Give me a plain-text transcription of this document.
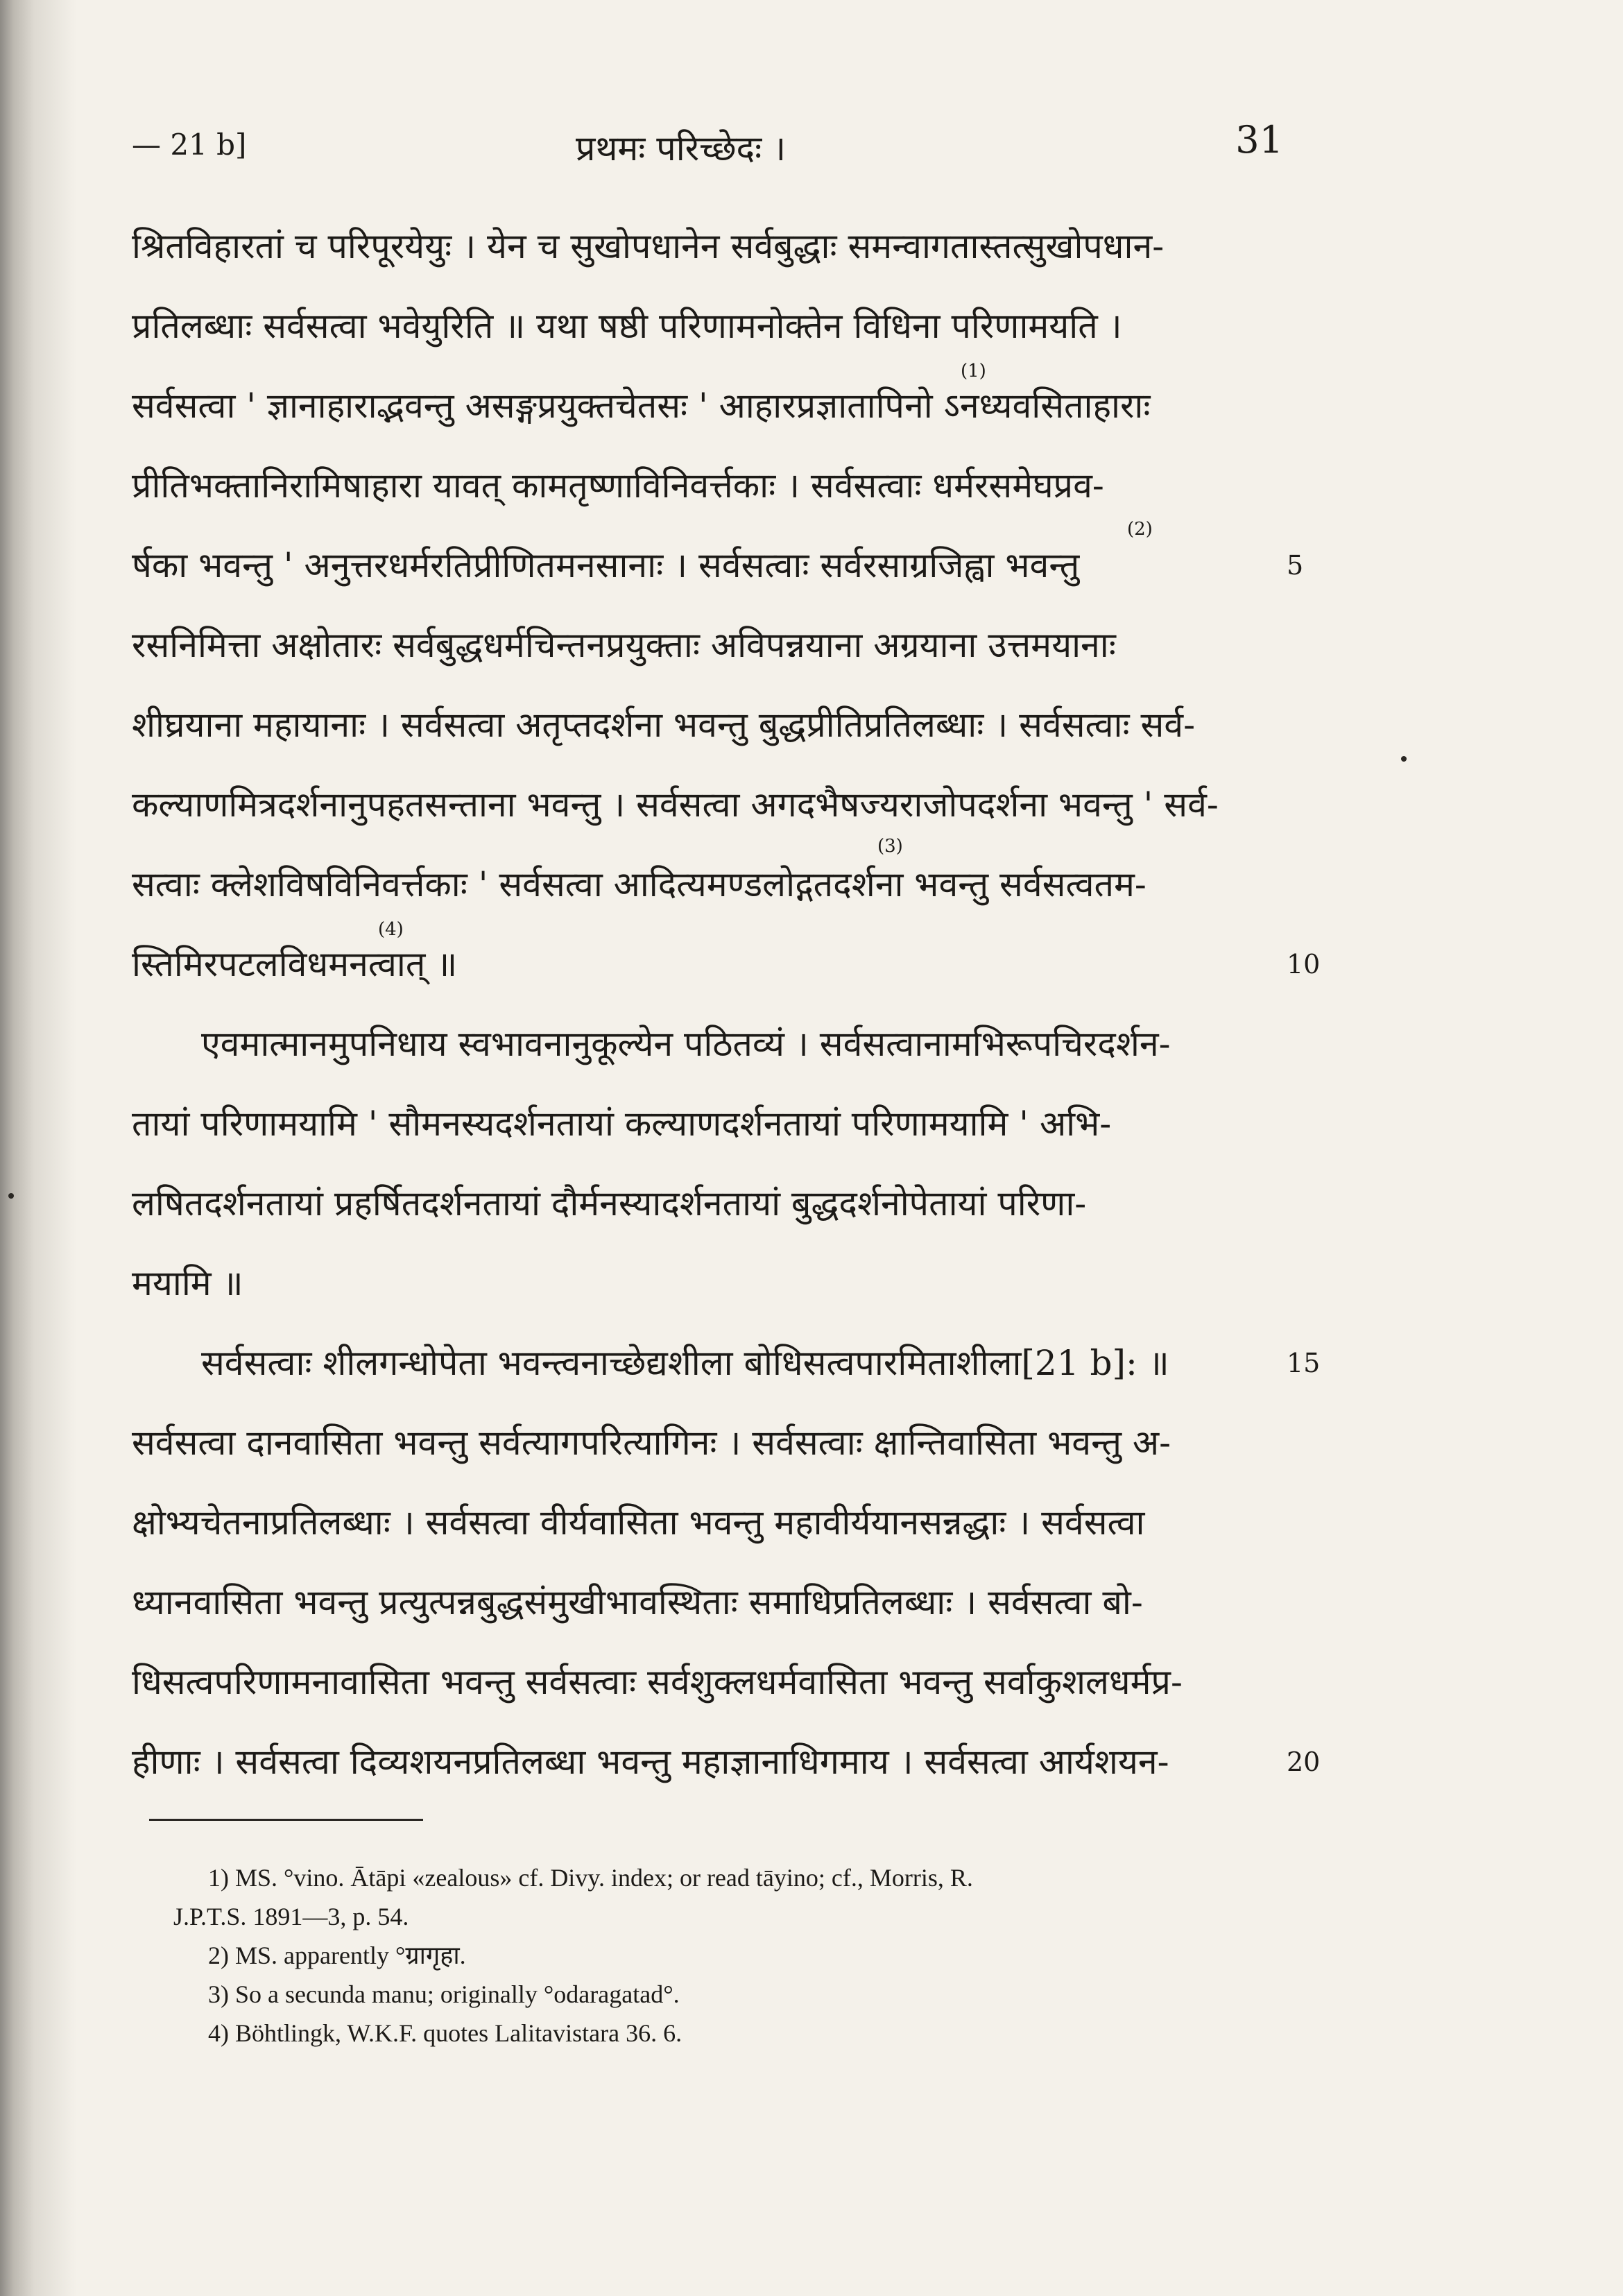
— 21 b]	प्रथमः परिच्छेदः ।	31
श्रितविहारतां च परिपूरयेयुः । येन च सुखोपधानेन सर्वबुद्धाः समन्वागतास्तत्सुखोपधान-
प्रतिलब्धाः सर्वसत्वा भवेयुरिति ॥ यथा षष्ठी परिणामनोक्तेन विधिना परिणामयति ।
सर्वसत्वा ' ज्ञानाहाराद्भवन्तु असङ्गप्रयुक्तचेतसः ' आहारप्रज्ञातापिनो ऽनध्यवसिताहाराः
प्रीतिभक्तानिरामिषाहारा यावत् कामतृष्णाविनिवर्त्तकाः । सर्वसत्वाः धर्मरसमेघप्रव-
र्षका भवन्तु ' अनुत्तरधर्मरतिप्रीणितमनसानाः । सर्वसत्वाः सर्वरसाग्रजिह्वा भवन्तु
रसनिमित्ता अक्षोतारः सर्वबुद्धधर्मचिन्तनप्रयुक्ताः अविपन्नयाना अग्रयाना उत्तमयानाः
शीघ्रयाना महायानाः । सर्वसत्वा अतृप्तदर्शना भवन्तु बुद्धप्रीतिप्रतिलब्धाः । सर्वसत्वाः सर्व-
कल्याणमित्रदर्शनानुपहतसन्ताना भवन्तु । सर्वसत्वा अगदभैषज्यराजोपदर्शना भवन्तु ' सर्व-
सत्वाः क्लेशविषविनिवर्त्तकाः ' सर्वसत्वा आदित्यमण्डलोद्गतदर्शना भवन्तु सर्वसत्वतम-
स्तिमिरपटलविधमनत्वात् ॥
एवमात्मानमुपनिधाय स्वभावनानुकूल्येन पठितव्यं । सर्वसत्वानामभिरूपचिरदर्शन-
तायां परिणामयामि ' सौमनस्यदर्शनतायां कल्याणदर्शनतायां परिणामयामि ' अभि-
लषितदर्शनतायां प्रहर्षितदर्शनतायां दौर्मनस्यादर्शनतायां बुद्धदर्शनोपेतायां परिणा-
मयामि ॥
सर्वसत्वाः शीलगन्धोपेता भवन्त्वनाच्छेद्यशीला बोधिसत्वपारमिताशीला[21 b]: ॥
सर्वसत्वा दानवासिता भवन्तु सर्वत्यागपरित्यागिनः । सर्वसत्वाः क्षान्तिवासिता भवन्तु अ-
क्षोभ्यचेतनाप्रतिलब्धाः । सर्वसत्वा वीर्यवासिता भवन्तु महावीर्ययानसन्नद्धाः । सर्वसत्वा
ध्यानवासिता भवन्तु प्रत्युत्पन्नबुद्धसंमुखीभावस्थिताः समाधिप्रतिलब्धाः । सर्वसत्वा बो-
धिसत्वपरिणामनावासिता भवन्तु सर्वसत्वाः सर्वशुक्लधर्मवासिता भवन्तु सर्वाकुशलधर्मप्र-
हीणाः । सर्वसत्वा दिव्यशयनप्रतिलब्धा भवन्तु महाज्ञानाधिगमाय । सर्वसत्वा आर्यशयन-
5
10
15
20
(1)
(2)
(3)
(4)
1) MS. °vino. Ātāpi «zealous» cf. Divy. index; or read tāyino; cf., Morris, R.
J.P.T.S. 1891—3, p. 54.
2) MS. apparently °ग्रागृहा.
3) So a secunda manu; originally °odaragatad°.
4) Böhtlingk, W.K.F. quotes Lalitavistara 36. 6.
